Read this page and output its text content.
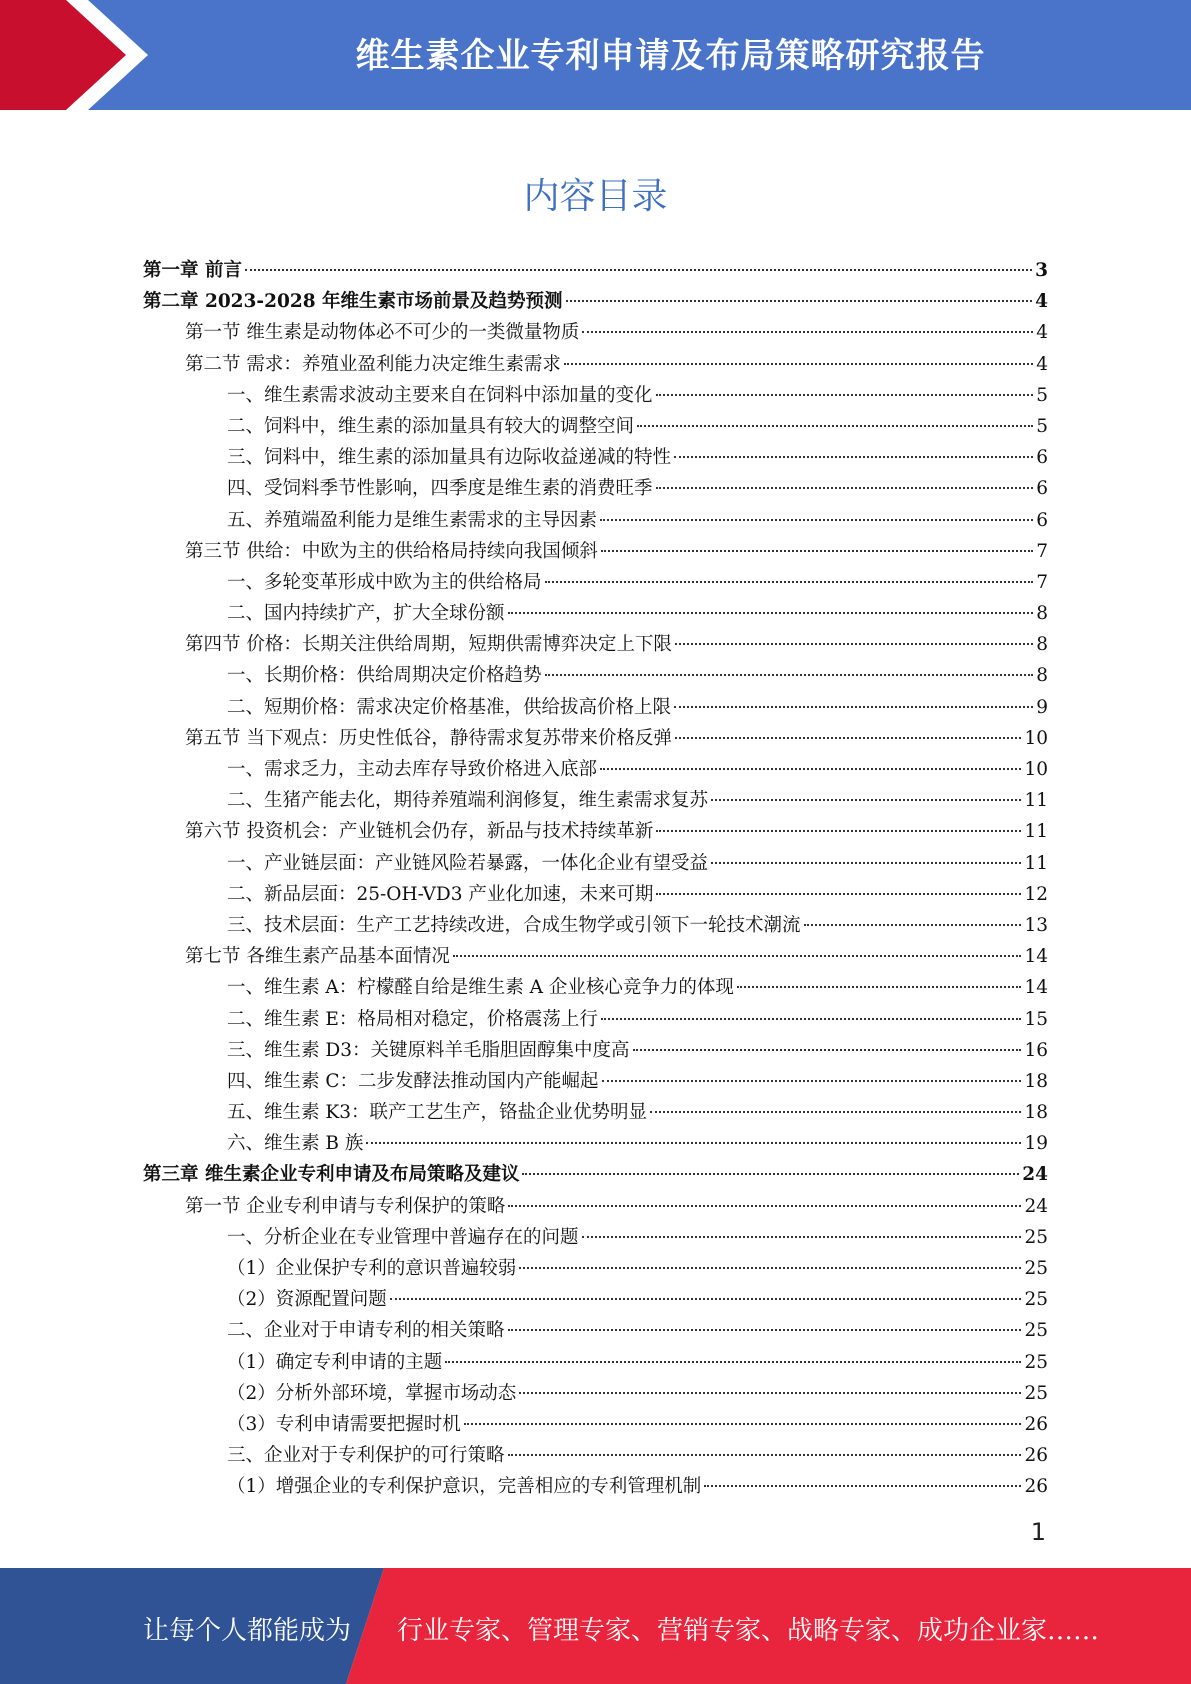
维生素企业专利申请及布局策略研究报告
内容目录
第一章 前言	3
第二章 2023-2028 年维生素市场前景及趋势预测	4
第一节 维生素是动物体必不可少的一类微量物质	4
第二节 需求：养殖业盈利能力决定维生素需求	4
一、维生素需求波动主要来自在饲料中添加量的变化	5
二、饲料中，维生素的添加量具有较大的调整空间	5
三、饲料中，维生素的添加量具有边际收益递减的特性	6
四、受饲料季节性影响，四季度是维生素的消费旺季	6
五、养殖端盈利能力是维生素需求的主导因素	6
第三节 供给：中欧为主的供给格局持续向我国倾斜	7
一、多轮变革形成中欧为主的供给格局	7
二、国内持续扩产，扩大全球份额	8
第四节 价格：长期关注供给周期，短期供需博弈决定上下限	8
一、长期价格：供给周期决定价格趋势	8
二、短期价格：需求决定价格基准，供给拔高价格上限	9
第五节 当下观点：历史性低谷，静待需求复苏带来价格反弹	10
一、需求乏力，主动去库存导致价格进入底部	10
二、生猪产能去化，期待养殖端利润修复，维生素需求复苏	11
第六节 投资机会：产业链机会仍存，新品与技术持续革新	11
一、产业链层面：产业链风险若暴露，一体化企业有望受益	11
二、新品层面：25-OH-VD3 产业化加速，未来可期	12
三、技术层面：生产工艺持续改进，合成生物学或引领下一轮技术潮流	13
第七节 各维生素产品基本面情况	14
一、维生素 A：柠檬醛自给是维生素 A 企业核心竞争力的体现	14
二、维生素 E：格局相对稳定，价格震荡上行	15
三、维生素 D3：关键原料羊毛脂胆固醇集中度高	16
四、维生素 C：二步发酵法推动国内产能崛起	18
五、维生素 K3：联产工艺生产，铬盐企业优势明显	18
六、维生素 B 族	19
第三章 维生素企业专利申请及布局策略及建议	24
第一节 企业专利申请与专利保护的策略	24
一、分析企业在专业管理中普遍存在的问题	25
（1）企业保护专利的意识普遍较弱	25
（2）资源配置问题	25
二、企业对于申请专利的相关策略	25
（1）确定专利申请的主题	25
（2）分析外部环境，掌握市场动态	25
（3）专利申请需要把握时机	26
三、企业对于专利保护的可行策略	26
（1）增强企业的专利保护意识，完善相应的专利管理机制	26
1
让每个人都能成为 行业专家、管理专家、营销专家、战略专家、成功企业家……
